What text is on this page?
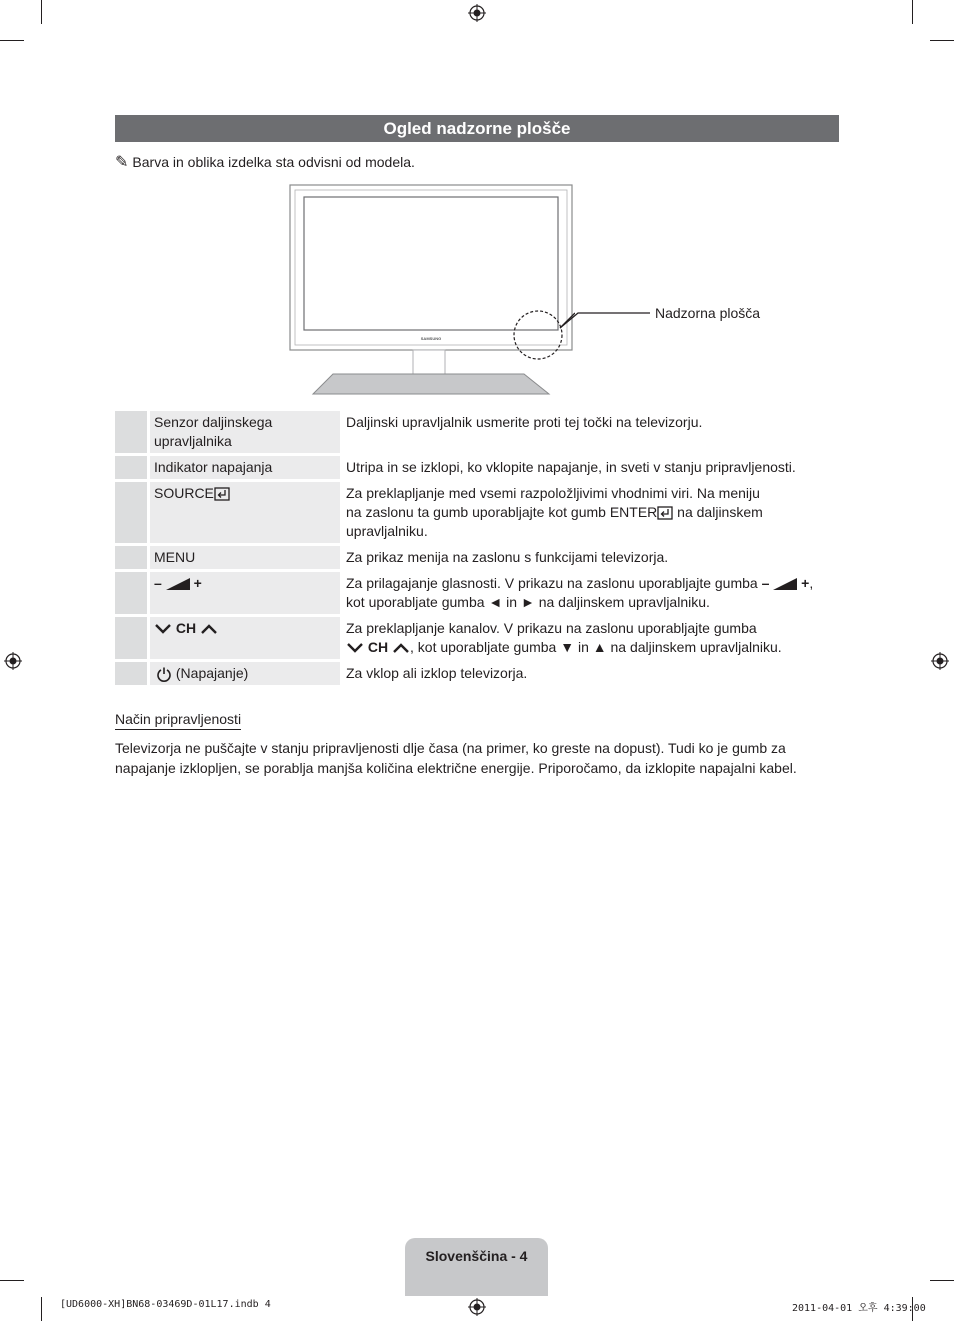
Ogled nadzorne plošče
✎ Barva in oblika izdelka sta odvisni od modela.
SAMSUNG
Nadzorna plošča
	Senzor daljinskega
upravljalnika	Daljinski upravljalnik usmerite proti tej točki na televizorju.

	Indikator napajanja	Utripa in se izklopi, ko vklopite napajanje, in sveti v stanju pripravljenosti.
	SOURCE	Za preklapljanje med vsemi razpoložljivimi vhodnimi viri. Na meniju
na zaslonu ta gumb uporabljajte kot gumb ENTER na daljinskem
upravljalniku.
	MENU	Za prikaz menija na zaslonu s funkcijami televizorja.
	– +	Za prilagajanje glasnosti. V prikazu na zaslonu uporabljajte gumba – +,
kot uporabljate gumba ◄ in ► na daljinskem upravljalniku.
	CH	Za preklapljanje kanalov. V prikazu na zaslonu uporabljajte gumba
CH , kot uporabljate gumba ▼ in ▲ na daljinskem upravljalniku.
	(Napajanje)	Za vklop ali izklop televizorja.
Način pripravljenosti
Televizorja ne puščajte v stanju pripravljenosti dlje časa (na primer, ko greste na dopust). Tudi ko je gumb za
napajanje izklopljen, se porablja manjša količina električne energije. Priporočamo, da izklopite napajalni kabel.
Slovenščina - 4
[UD6000-XH]BN68-03469D-01L17.indb 4	2011-04-01 오후 4:39:00
